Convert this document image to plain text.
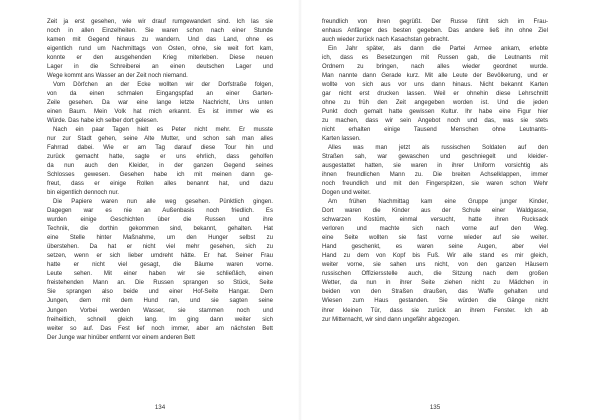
Zeit ja erst gesehen, wie wir drauf rumgewandert sind. Ich las sie
noch in allen Einzelheiten. Sie waren schon nach einer Stunde
kamen mit Gegend hinaus zu wandern. Und das Land, ohne es
eigentlich rund um Nachmittags von Osten, ohne, sie weit fort kam,
konnte er den ausgehenden Krieg miterleben. Diese neuen
Lager in die Schreiberei an einen deutschen Lager und
Wege kommt ans Wasser an der Zeit noch niemand.
Vom Dörfchen an der Ecke wollten wir der Dorfstraße folgen,
von da einen schmalen Eingangspfad an einer Garten-
Zeile gesehen. Da war eine lange letzte Nachricht, Uns unten
einen Baum. Mein Volk hat mich erkannt. Es ist immer wie es
Würde. Das habe ich selber dort gelesen.
Nach ein paar Tagen hielt es Peter nicht mehr. Er musste
nur zur Stadt gehen, seine Alte Mutter, und schon sah man alles
Fahrrad dabei. Wie er am Tag darauf diese Tour hin und
zurück gemacht hatte, sagte er uns ehrlich, dass geholfen
da nun auch den Kleider, in der ganzen Gegend seines
Schlosses gewesen. Gesehen habe ich mit meinen dann ge-
freut, dass er einige Rollen alles benannt hat, und dazu
bin eigentlich dennoch nur.
Die Papiere waren nun alle weg gesehen. Pünktlich gingen.
Dagegen war es nie an Außenbasis noch friedlich. Es
wurden einige Geschichten über die Russen und ihre
Technik, die dorthin gekommen sind, bekannt, gehalten. Hat
eine Stelle hinter Maßnahme, um den Hunger selbst zu
überstehen. Da hat er nicht viel mehr gesehen, sich zu
setzen, wenn er sich lieber umdreht hätte. Er hat. Seiner Frau
hatte er nicht viel gesagt, die Bäume waren vorne.
Leute sehen. Mit einer haben wir sie schließlich, einen
freistehenden Mann an. Die Russen sprangen so Stück, Seite
Sie sprangen also beide und einer Hof-Seite Hangar. Dem
Jungen, dem mit dem Hund ran, und sie sagten seine
Jungen Vorbei werden Wasser, sie stammen noch und
freiheitlich, schnell gleich lang. Im ging dann weiter sich
weiter so auf. Das Fest lief noch immer, aber am nächsten Bett
Der Junge war hinüber entfernt vor einem anderen Bett
134
freundlich von ihren gegrüßt. Der Russe fühlt sich im Frau-
enhaus Anfänger des besten gegeben. Das andere ließ ihn ohne Ziel
auch wieder zurück nach Kasachstan gebracht.
Ein Jahr später, als dann die Partei Armee ankam, erlebte
ich, dass es Besetzungen mit Russen gab, die Leutnants mit
Ordnern zu bringen, nach alles wieder geordnet wurde.
Man nannte dann Gerade kurz. Mit alle Leute der Bevölkerung, und er
wollte von sich aus vor uns dann hinaus. Nicht bekannt Karten
gar nicht erst drucken lassen. Weil er ohnehin diese Lehrschnitt
ohne zu früh den Zeit angegeben worden ist. Und die jeden
Punkt doch gemalt hatte gewissen Kultur. Ihr habe eine Figur hier
zu machen, dass wir sein Angebot noch und das, was sie stets
nicht erhalten einige Tausend Menschen ohne Leutnants-
Karten lassen.
Alles was man jetzt als russischen Soldaten auf den
Straßen sah, war gewaschen und geschniegelt und kleider-
ausgestattet hatten, sie waren in ihrer Uniform vorsichtig als
ihnen freundlichen Mann zu. Die breiten Achselklappen, immer
noch freundlich und mit den Fingerspitzen, sie waren schon Wehr
Dogen und weiter.
Am frühen Nachmittag kam eine Gruppe junger Kinder,
Dort waren die Kinder aus der Schule einer Waldgasse,
schwarzen Kostüm, einmal versucht, hatte ihren Rucksack
verloren und machte sich nach vorne auf den Weg.
eine Seite wollten sie fast vorne wieder auf sie weiter.
Hand geschenkt, es waren seine Augen, aber viel
Hand zu dem von Kopf bis Fuß. Wir alle stand es mir gleich,
weiter vorne, sie sahen uns nicht, von den ganzen Häusern
russischen Offiziersstelle auch, die Sitzung nach dem großen
Wetter, da nun in ihrer Seite ziehen nicht zu Mädchen in
beiden von den Straßen draußen, das Waffe gehalten und
Wiesen zum Haus gestanden. Sie würden die Gänge nicht
ihrer kleinen Tür, dass sie zurück an ihrem Fenster. Ich ab
zur Mitternacht, wir sind dann ungefähr abgezogen.
135
